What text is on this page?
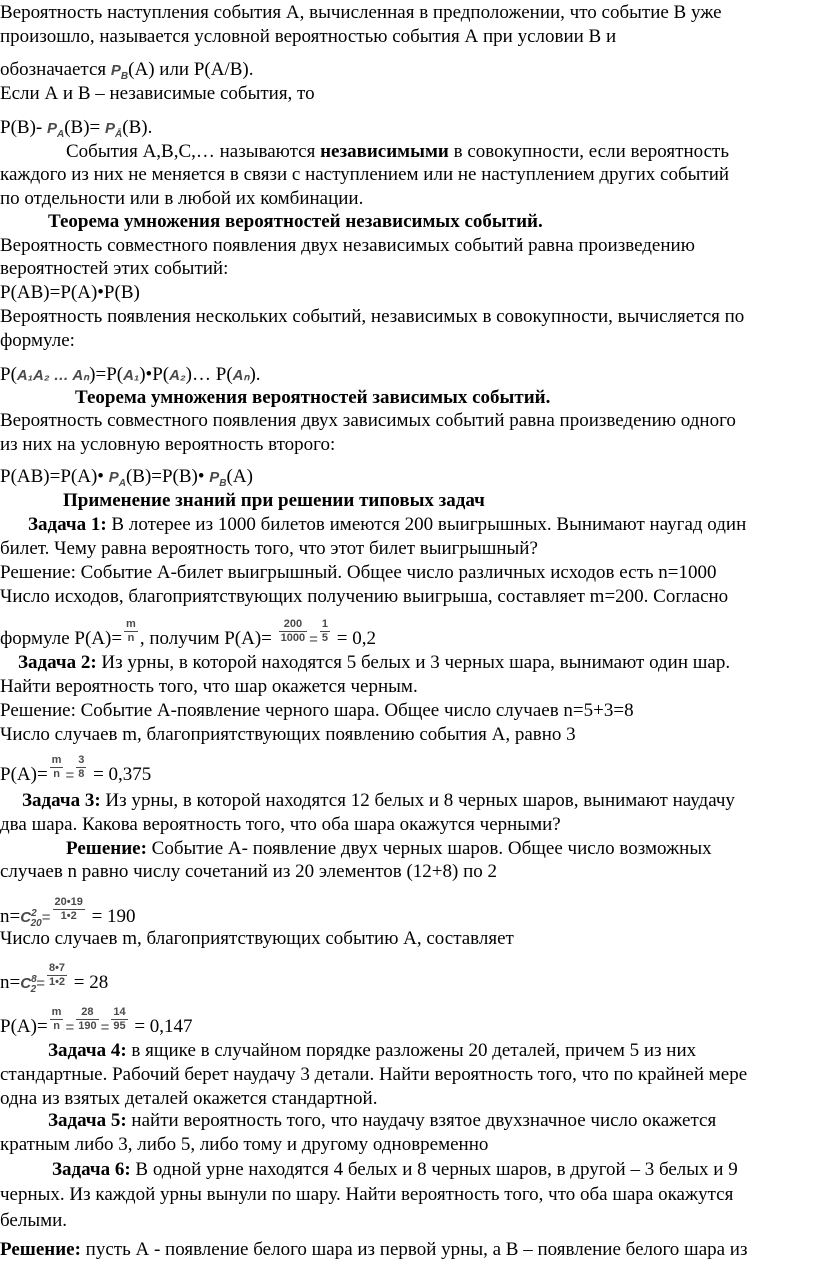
Вероятность наступления события А, вычисленная в предположении, что событие В уже
произошло, называется условной вероятностью события А при условии В и
обозначается $P_B(А)$ или Р(А/В).
Если А и В – независимые события, то
Р(В)- $P_A(В)= P_Ā(В)$.
События А,В,С,… называются независимыми в совокупности, если вероятность
каждого из них не меняется в связи с наступлением или не наступлением других событий
по отдельности или в любой их комбинации.
Теорема умножения вероятностей независимых событий.
Вероятность совместного появления двух независимых событий равна произведению
вероятностей этих событий:
Р(АВ)=Р(А)•Р(В)
Вероятность появления нескольких событий, независимых в совокупности, вычисляется по
формуле:
Р(A₁A₂ … Aₙ)=Р(A₁)•Р(A₂)… Р(Aₙ).
Теорема умножения вероятностей зависимых событий.
Вероятность совместного появления двух зависимых событий равна произведению одного
из них на условную вероятность второго:
Р(АВ)=Р(А)• $P_A(В)=Р(В)•$ $P_B(А)$
Применение знаний при решении типовых задач
Задача 1: В лотерее из 1000 билетов имеются 200 выигрышных. Вынимают наугад один
билет. Чему равна вероятность того, что этот билет выигрышный?
Решение: Событие А-билет выигрышный. Общее число различных исходов есть n=1000
Число исходов, благоприятствующих получению выигрыша, составляет m=200. Согласно
формуле $Р(А)= \frac{m}{n}$ , получим $Р(А)= \frac{200}{1000} = \frac{1}{5} = 0,2$
Задача 2: Из урны, в которой находятся 5 белых и 3 черных шара, вынимают один шар.
Найти вероятность того, что шар окажется черным.
Решение: Событие А-появление черного шара. Общее число случаев n=5+3=8
Число случаев m, благоприятствующих появлению события А, равно 3
$Р(А)= \frac{m}{n} = \frac{3}{8} = 0,375$
Задача 3: Из урны, в которой находятся 12 белых и 8 черных шаров, вынимают наудачу
два шара. Какова вероятность того, что оба шара окажутся черными?
Решение: Событие А- появление двух черных шаров. Общее число возможных
случаев n равно числу сочетаний из 20 элементов (12+8) по 2
$n=C^2_{20}= \frac{20•19}{1•2} = 190$
Число случаев m, благоприятствующих событию А, составляет
$n=C^8_2= \frac{8•7}{1•2} = 28$
$Р(А)= \frac{m}{n} = \frac{28}{190} = \frac{14}{95} = 0,147$
Задача 4: в ящике в случайном порядке разложены 20 деталей, причем 5 из них
стандартные. Рабочий берет наудачу 3 детали. Найти вероятность того, что по крайней мере
одна из взятых деталей окажется стандартной.
Задача 5: найти вероятность того, что наудачу взятое двухзначное число окажется
кратным либо 3, либо 5, либо тому и другому одновременно
Задача 6: В одной урне находятся 4 белых и 8 черных шаров, в другой – 3 белых и 9
черных. Из каждой урны вынули по шару. Найти вероятность того, что оба шара окажутся
белыми.
Решение: пусть А - появление белого шара из первой урны, а В – появление белого шара из
